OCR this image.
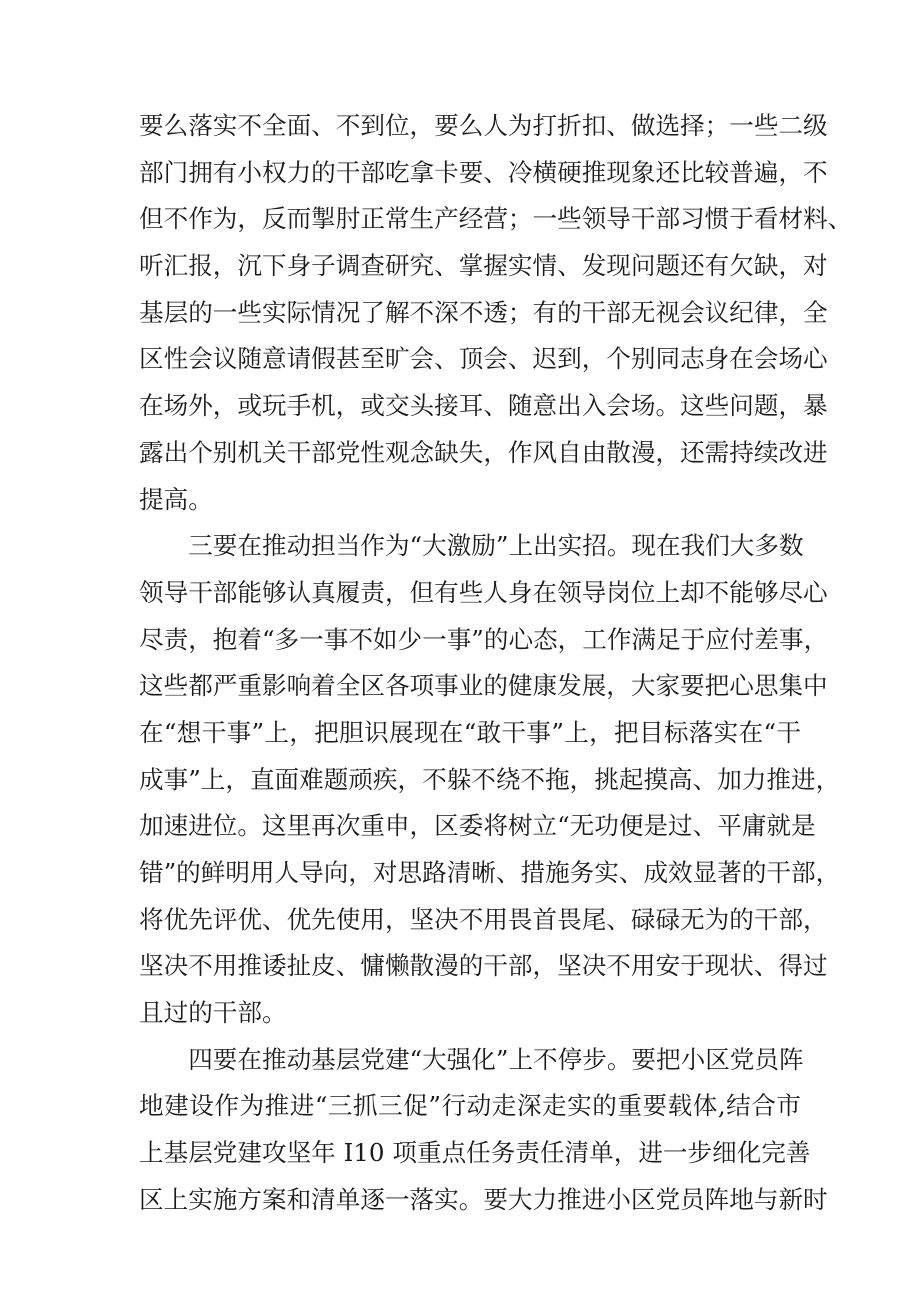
要么落实不全面、不到位，要么人为打折扣、做选择；一些二级
部门拥有小权力的干部吃拿卡要、冷横硬推现象还比较普遍，不
但不作为，反而掣肘正常生产经营；一些领导干部习惯于看材料、
听汇报，沉下身子调查研究、掌握实情、发现问题还有欠缺，对
基层的一些实际情况了解不深不透；有的干部无视会议纪律，全
区性会议随意请假甚至旷会、顶会、迟到，个别同志身在会场心
在场外，或玩手机，或交头接耳、随意出入会场。这些问题，暴
露出个别机关干部党性观念缺失，作风自由散漫，还需持续改进
提高。
　　三要在推动担当作为“大激励”上出实招。现在我们大多数
领导干部能够认真履责，但有些人身在领导岗位上却不能够尽心
尽责，抱着“多一事不如少一事”的心态，工作满足于应付差事，
这些都严重影响着全区各项事业的健康发展，大家要把心思集中
在“想干事”上，把胆识展现在“敢干事”上，把目标落实在“干
成事”上，直面难题顽疾，不躲不绕不拖，挑起摸高、加力推进，
加速进位。这里再次重申，区委将树立“无功便是过、平庸就是
错”的鲜明用人导向，对思路清晰、措施务实、成效显著的干部，
将优先评优、优先使用，坚决不用畏首畏尾、碌碌无为的干部，
坚决不用推诿扯皮、慵懒散漫的干部，坚决不用安于现状、得过
且过的干部。
　　四要在推动基层党建“大强化”上不停步。要把小区党员阵
地建设作为推进“三抓三促”行动走深走实的重要载体,结合市
上基层党建攻坚年 I10 项重点任务责任清单，进一步细化完善
区上实施方案和清单逐一落实。要大力推进小区党员阵地与新时
